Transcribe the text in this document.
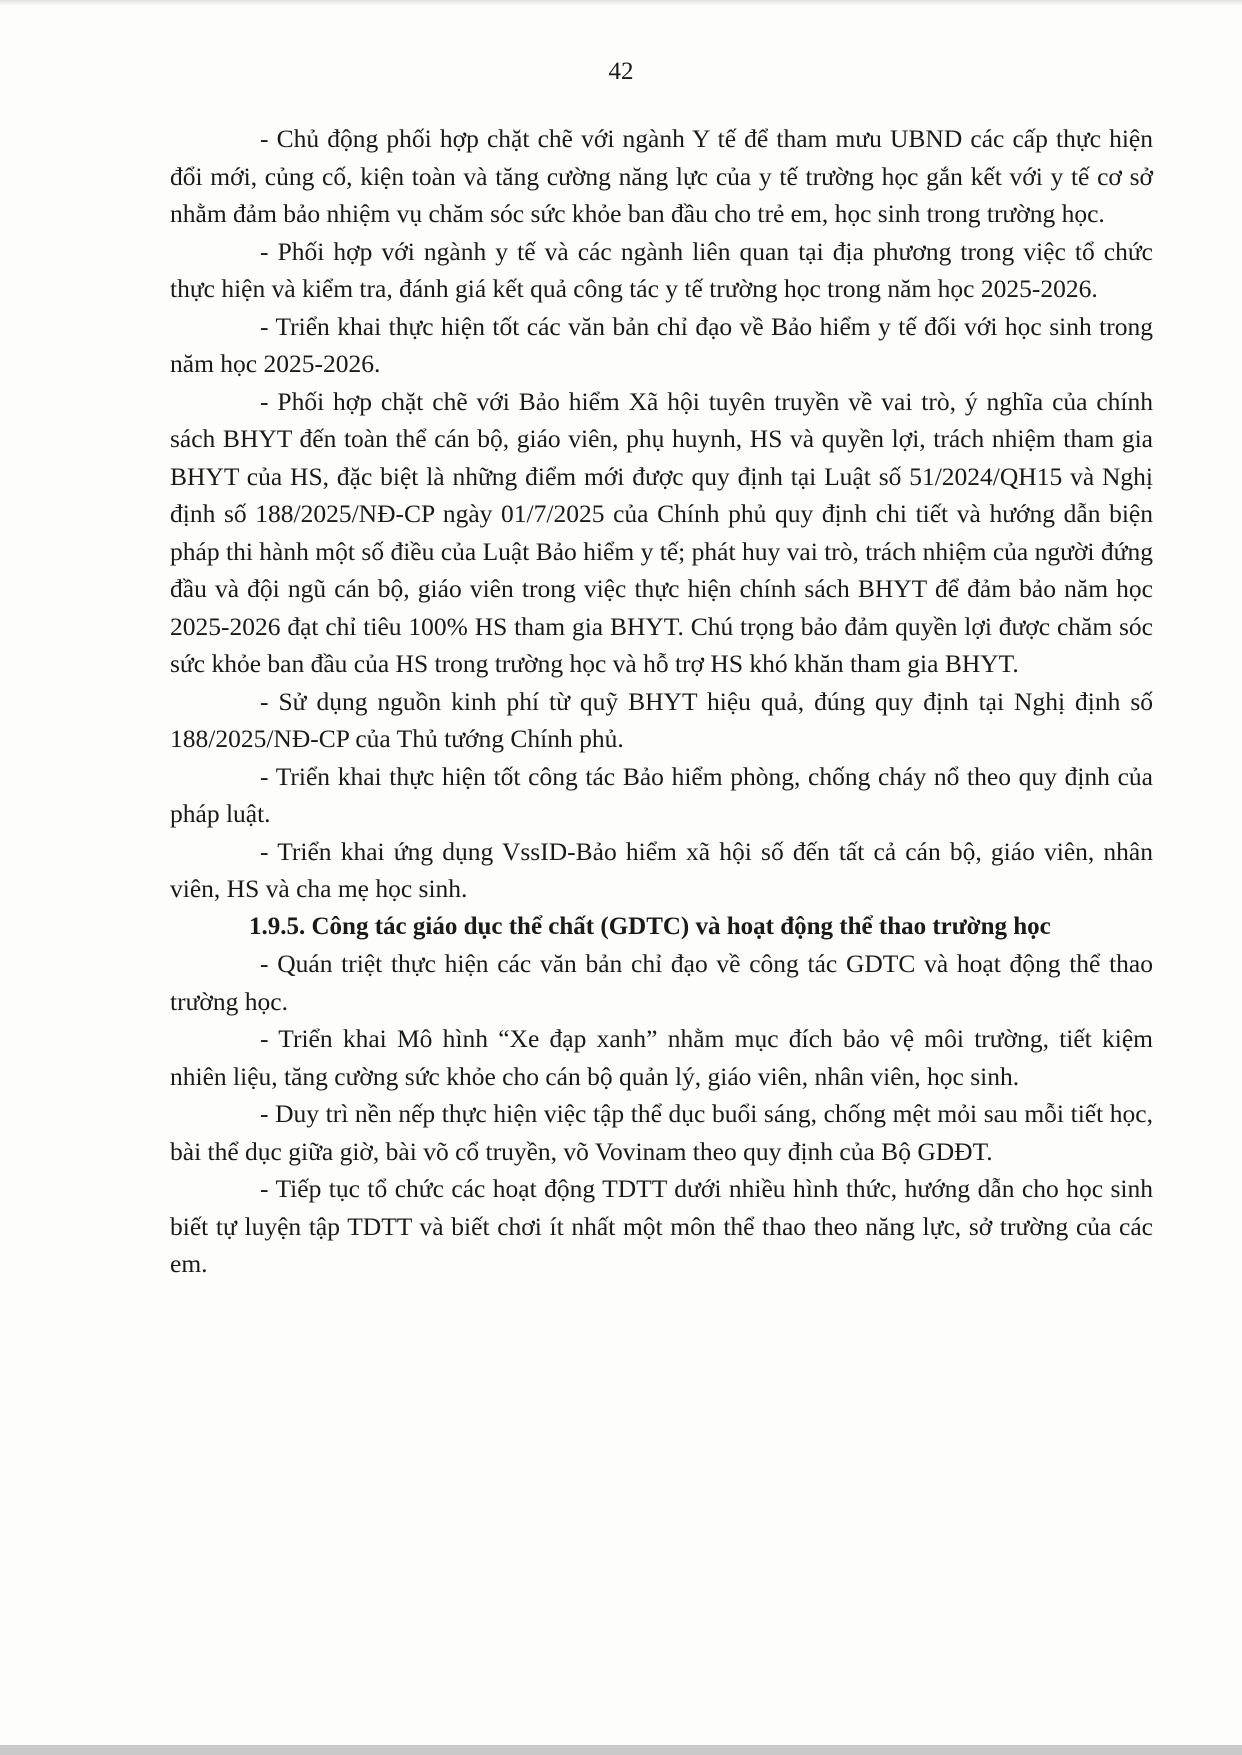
42

- Chủ động phối hợp chặt chẽ với ngành Y tế để tham mưu UBND các cấp thực hiện đổi mới, củng cố, kiện toàn và tăng cường năng lực của y tế trường học gắn kết với y tế cơ sở nhằm đảm bảo nhiệm vụ chăm sóc sức khỏe ban đầu cho trẻ em, học sinh trong trường học.

- Phối hợp với ngành y tế và các ngành liên quan tại địa phương trong việc tổ chức thực hiện và kiểm tra, đánh giá kết quả công tác y tế trường học trong năm học 2025-2026.

- Triển khai thực hiện tốt các văn bản chỉ đạo về Bảo hiểm y tế đối với học sinh trong năm học 2025-2026.

- Phối hợp chặt chẽ với Bảo hiểm Xã hội tuyên truyền về vai trò, ý nghĩa của chính sách BHYT đến toàn thể cán bộ, giáo viên, phụ huynh, HS và quyền lợi, trách nhiệm tham gia BHYT của HS, đặc biệt là những điểm mới được quy định tại Luật số 51/2024/QH15 và Nghị định số 188/2025/NĐ-CP ngày 01/7/2025 của Chính phủ quy định chi tiết và hướng dẫn biện pháp thi hành một số điều của Luật Bảo hiểm y tế; phát huy vai trò, trách nhiệm của người đứng đầu và đội ngũ cán bộ, giáo viên trong việc thực hiện chính sách BHYT để đảm bảo năm học 2025-2026 đạt chỉ tiêu 100% HS tham gia BHYT. Chú trọng bảo đảm quyền lợi được chăm sóc sức khỏe ban đầu của HS trong trường học và hỗ trợ HS khó khăn tham gia BHYT.

- Sử dụng nguồn kinh phí từ quỹ BHYT hiệu quả, đúng quy định tại Nghị định số 188/2025/NĐ-CP của Thủ tướng Chính phủ.

- Triển khai thực hiện tốt công tác Bảo hiểm phòng, chống cháy nổ theo quy định của pháp luật.

- Triển khai ứng dụng VssID-Bảo hiểm xã hội số đến tất cả cán bộ, giáo viên, nhân viên, HS và cha mẹ học sinh.

1.9.5. Công tác giáo dục thể chất (GDTC) và hoạt động thể thao trường học

- Quán triệt thực hiện các văn bản chỉ đạo về công tác GDTC và hoạt động thể thao trường học.

- Triển khai Mô hình “Xe đạp xanh” nhằm mục đích bảo vệ môi trường, tiết kiệm nhiên liệu, tăng cường sức khỏe cho cán bộ quản lý, giáo viên, nhân viên, học sinh.

- Duy trì nền nếp thực hiện việc tập thể dục buổi sáng, chống mệt mỏi sau mỗi tiết học, bài thể dục giữa giờ, bài võ cổ truyền, võ Vovinam theo quy định của Bộ GDĐT.

- Tiếp tục tổ chức các hoạt động TDTT dưới nhiều hình thức, hướng dẫn cho học sinh biết tự luyện tập TDTT và biết chơi ít nhất một môn thể thao theo năng lực, sở trường của các em.
